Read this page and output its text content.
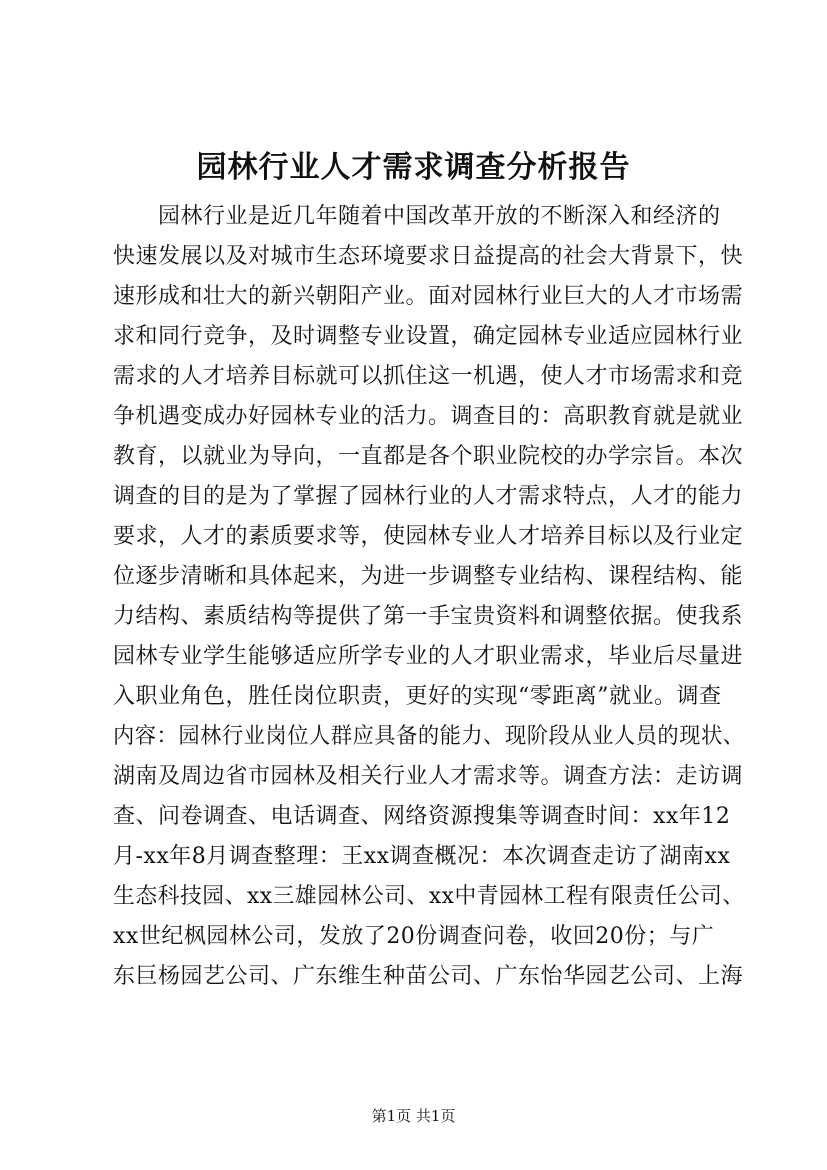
园林行业人才需求调查分析报告
园林行业是近几年随着中国改革开放的不断深入和经济的
快速发展以及对城市生态环境要求日益提高的社会大背景下，快
速形成和壮大的新兴朝阳产业。面对园林行业巨大的人才市场需
求和同行竞争，及时调整专业设置，确定园林专业适应园林行业
需求的人才培养目标就可以抓住这一机遇，使人才市场需求和竞
争机遇变成办好园林专业的活力。调查目的：高职教育就是就业
教育，以就业为导向，一直都是各个职业院校的办学宗旨。本次
调查的目的是为了掌握了园林行业的人才需求特点，人才的能力
要求，人才的素质要求等，使园林专业人才培养目标以及行业定
位逐步清晰和具体起来，为进一步调整专业结构、课程结构、能
力结构、素质结构等提供了第一手宝贵资料和调整依据。使我系
园林专业学生能够适应所学专业的人才职业需求，毕业后尽量进
入职业角色，胜任岗位职责，更好的实现“零距离”就业。调查
内容：园林行业岗位人群应具备的能力、现阶段从业人员的现状、
湖南及周边省市园林及相关行业人才需求等。调查方法：走访调
查、问卷调查、电话调查、网络资源搜集等调查时间：xx年12
月-xx年8月调查整理：王xx调查概况：本次调查走访了湖南xx
生态科技园、xx三雄园林公司、xx中青园林工程有限责任公司、
xx世纪枫园林公司，发放了20份调查问卷，收回20份；与广
东巨杨园艺公司、广东维生种苗公司、广东怡华园艺公司、上海
第1页 共1页
